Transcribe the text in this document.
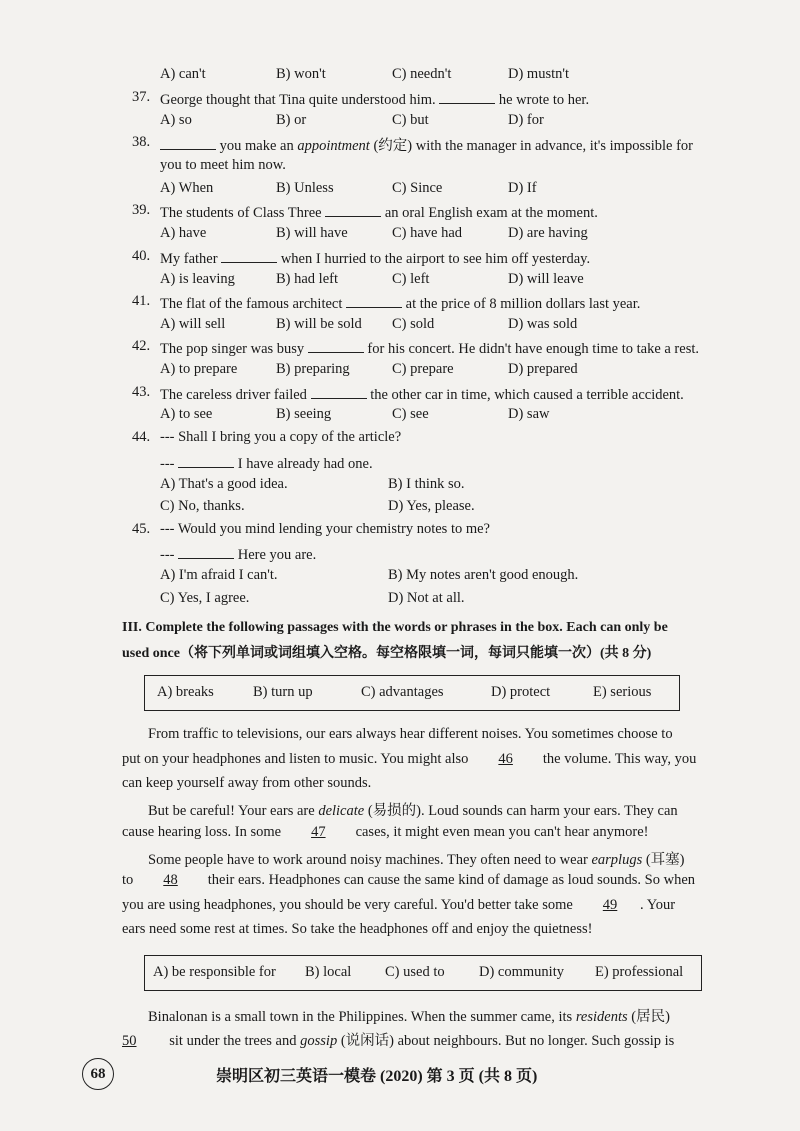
A) can't	B) won't	C) needn't	D) mustn't
37. George thought that Tina quite understood him.	he wrote to her.
A) so	B) or	C) but	D) for
38.	you make an appointment (约定) with the manager in advance, it's impossible for
you to meet him now.
A) When	B) Unless	C) Since	D) If
39. The students of Class Three	an oral English exam at the moment.
A) have	B) will have	C) have had	D) are having
40. My father	when I hurried to the airport to see him off yesterday.
A) is leaving	B) had left	C) left	D) will leave
41. The flat of the famous architect	at the price of 8 million dollars last year.
A) will sell	B) will be sold C) sold	D) was sold
42. The pop singer was busy	for his concert. He didn't have enough time to take a rest.
A) to prepare	B) preparing	C) prepare	D) prepared
43. The careless driver failed	the other car in time, which caused a terrible accident.
A) to see	B) seeing	C) see	D) saw
44. --- Shall I bring you a copy of the article?
---	I have already had one.
A) That's a good idea.	B) I think so.
C) No, thanks.	D) Yes, please.
45. --- Would you mind lending your chemistry notes to me?
---	Here you are.
A) I'm afraid I can't.	B) My notes aren't good enough.
C) Yes, I agree.	D) Not at all.
III. Complete the following passages with the words or phrases in the box. Each can only be
used once（将下列单词或词组填入空格。每空格限填一词，每词只能填一次）(共 8 分)
A) breaks	B) turn up	C) advantages	D) protect	E) serious
From traffic to televisions, our ears always hear different noises. You sometimes choose to
put on your headphones and listen to music. You might also 46 the volume. This way, you
can keep yourself away from other sounds.
But be careful! Your ears are delicate (易损的). Loud sounds can harm your ears. They can
cause hearing loss. In some 47 cases, it might even mean you can't hear anymore!
Some people have to work around noisy machines. They often need to wear earplugs (耳塞)
to 48 their ears. Headphones can cause the same kind of damage as loud sounds. So when
you are using headphones, you should be very careful. You'd better take some 49 . Your
ears need some rest at times. So take the headphones off and enjoy the quietness!
A) be responsible for B) local C) used to D) community E) professional
Binalonan is a small town in the Philippines. When the summer came, its residents (居民)
50 sit under the trees and gossip (说闲话) about neighbours. But no longer. Such gossip is
68	崇明区初三英语一模卷 (2020) 第 3 页 (共 8 页)
